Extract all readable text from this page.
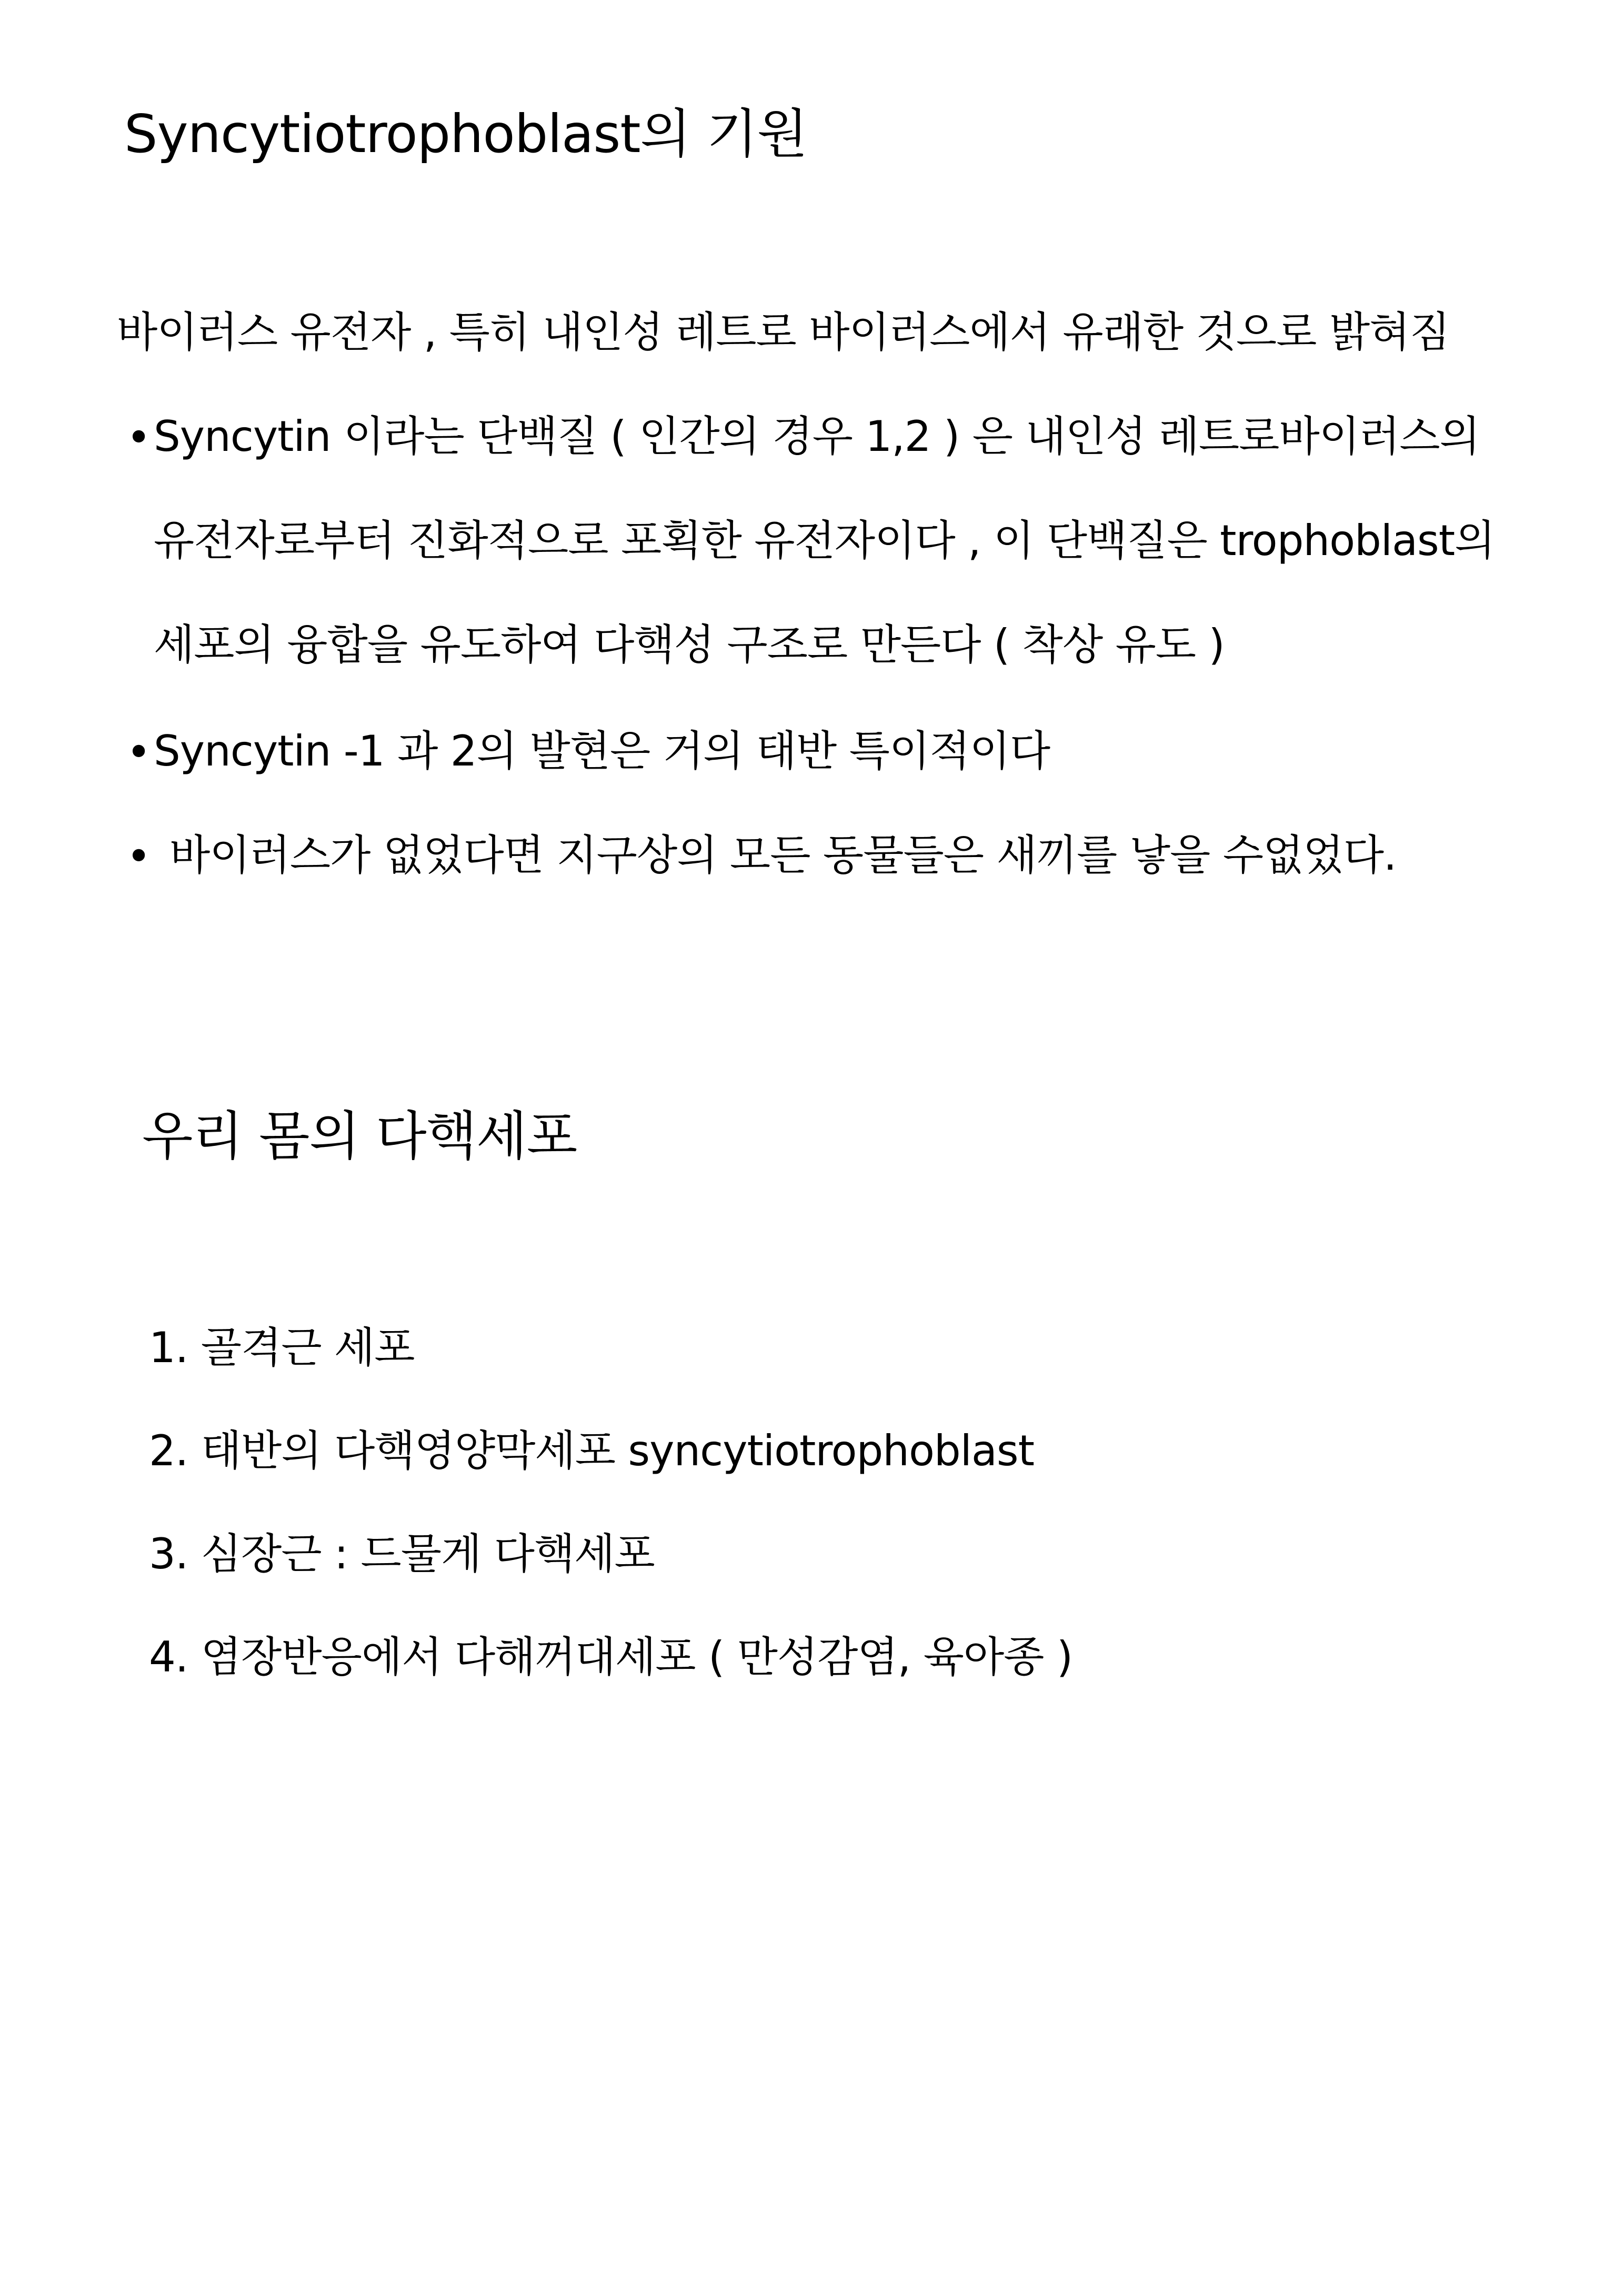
Syncytiotrophoblast의 기원

바이러스 유전자 , 특히 내인성 레트로 바이러스에서 유래한 것으로 밝혀짐

• Syncytin 이라는 단백질 ( 인간의 경우 1,2 ) 은 내인성 레트로바이러스의

유전자로부터 진화적으로 포획한 유전자이다 , 이 단백질은 trophoblast의

세포의 융합을 유도하여 다핵성 구조로 만든다 ( 착상 유도 )

• Syncytin -1 과 2의 발현은 거의 태반 특이적이다

• 바이러스가 없었다면 지구상의 모든 동물들은 새끼를 낳을 수없었다.

우리 몸의 다핵세포

1. 골격근 세포

2. 태반의 다핵영양막세포 syncytiotrophoblast

3. 심장근 : 드물게 다핵세포

4. 염장반응에서 다해꺼대세포 ( 만성감염, 육아종 )
